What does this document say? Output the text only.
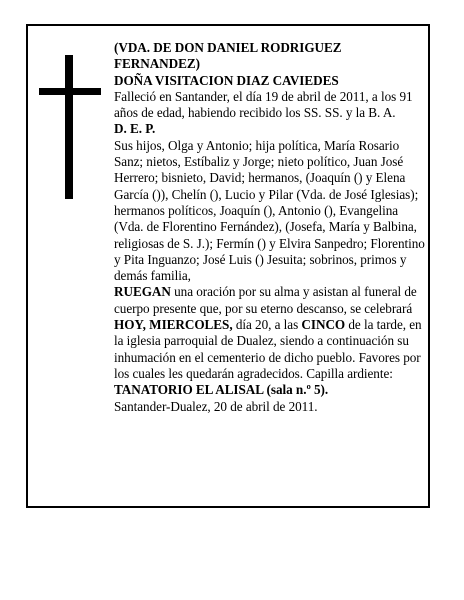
(VDA. DE DON DANIEL RODRIGUEZ FERNANDEZ)

DOÑA VISITACION DIAZ CAVIEDES

Falleció en Santander, el día 19 de abril de 2011, a los 91 años de edad, habiendo recibido los SS. SS. y la B. A.

D. E. P.

Sus hijos, Olga y Antonio; hija política, María Rosario Sanz; nietos, Estíbaliz y Jorge; nieto político, Juan José Herrero; bisnieto, David; hermanos, (Joaquín () y Elena García ()), Chelín (), Lucio y Pilar (Vda. de José Iglesias); hermanos políticos, Joaquín (), Antonio (), Evangelina (Vda. de Florentino Fernández), (Josefa, María y Balbina, religiosas de S. J.); Fermín () y Elvira Sanpedro; Florentino y Pita Inguanzo; José Luis () Jesuita; sobrinos, primos y demás familia,

RUEGAN una oración por su alma y asistan al funeral de cuerpo presente que, por su eterno descanso, se celebrará HOY, MIERCOLES, día 20, a las CINCO de la tarde, en la iglesia parroquial de Dualez, siendo a continuación su inhumación en el cementerio de dicho pueblo. Favores por los cuales les quedarán agradecidos. Capilla ardiente: TANATORIO EL ALISAL (sala n.º 5).

Santander-Dualez, 20 de abril de 2011.
